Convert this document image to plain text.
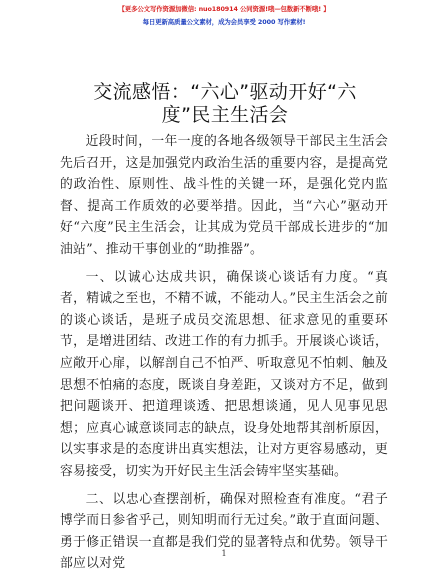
【更多公文写作资源加微信: nuo180914 公同资源!哦—包数新不断哦! 】
每日更新高质量公文素材，成为会员享受 2000 写作素材!
交流感悟：“六心”驱动开好“六度”民主生活会

近段时间，一年一度的各地各级领导干部民主生活会先后召开，这是加强党内政治生活的重要内容，是提高党的政治性、原则性、战斗性的关键一环，是强化党内监督、提高工作质效的必要举措。因此，当“六心”驱动开好“六度”民主生活会，让其成为党员干部成长进步的“加油站”、推动干事创业的“助推器”。

一、以诚心达成共识，确保谈心谈话有力度。“真者，精诚之至也，不精不诚，不能动人。”民主生活会之前的谈心谈话，是班子成员交流思想、征求意见的重要环节，是增进团结、改进工作的有力抓手。开展谈心谈话，应敞开心扉，以解剖自己不怕严、听取意见不怕刺、触及思想不怕痛的态度，既谈自身差距，又谈对方不足，做到把问题谈开、把道理谈透、把思想谈通，见人见事见思想；应真心诚意谈同志的缺点，设身处地帮其剖析原因，以实事求是的态度讲出真实想法，让对方更容易感动，更容易接受，切实为开好民主生活会铸牢坚实基础。

二、以忠心查摆剖析，确保对照检查有准度。“君子博学而日参省乎己，则知明而行无过矣。”敢于直面问题、勇于修正错误一直都是我们党的显著特点和优势。领导干部应以对党

1
